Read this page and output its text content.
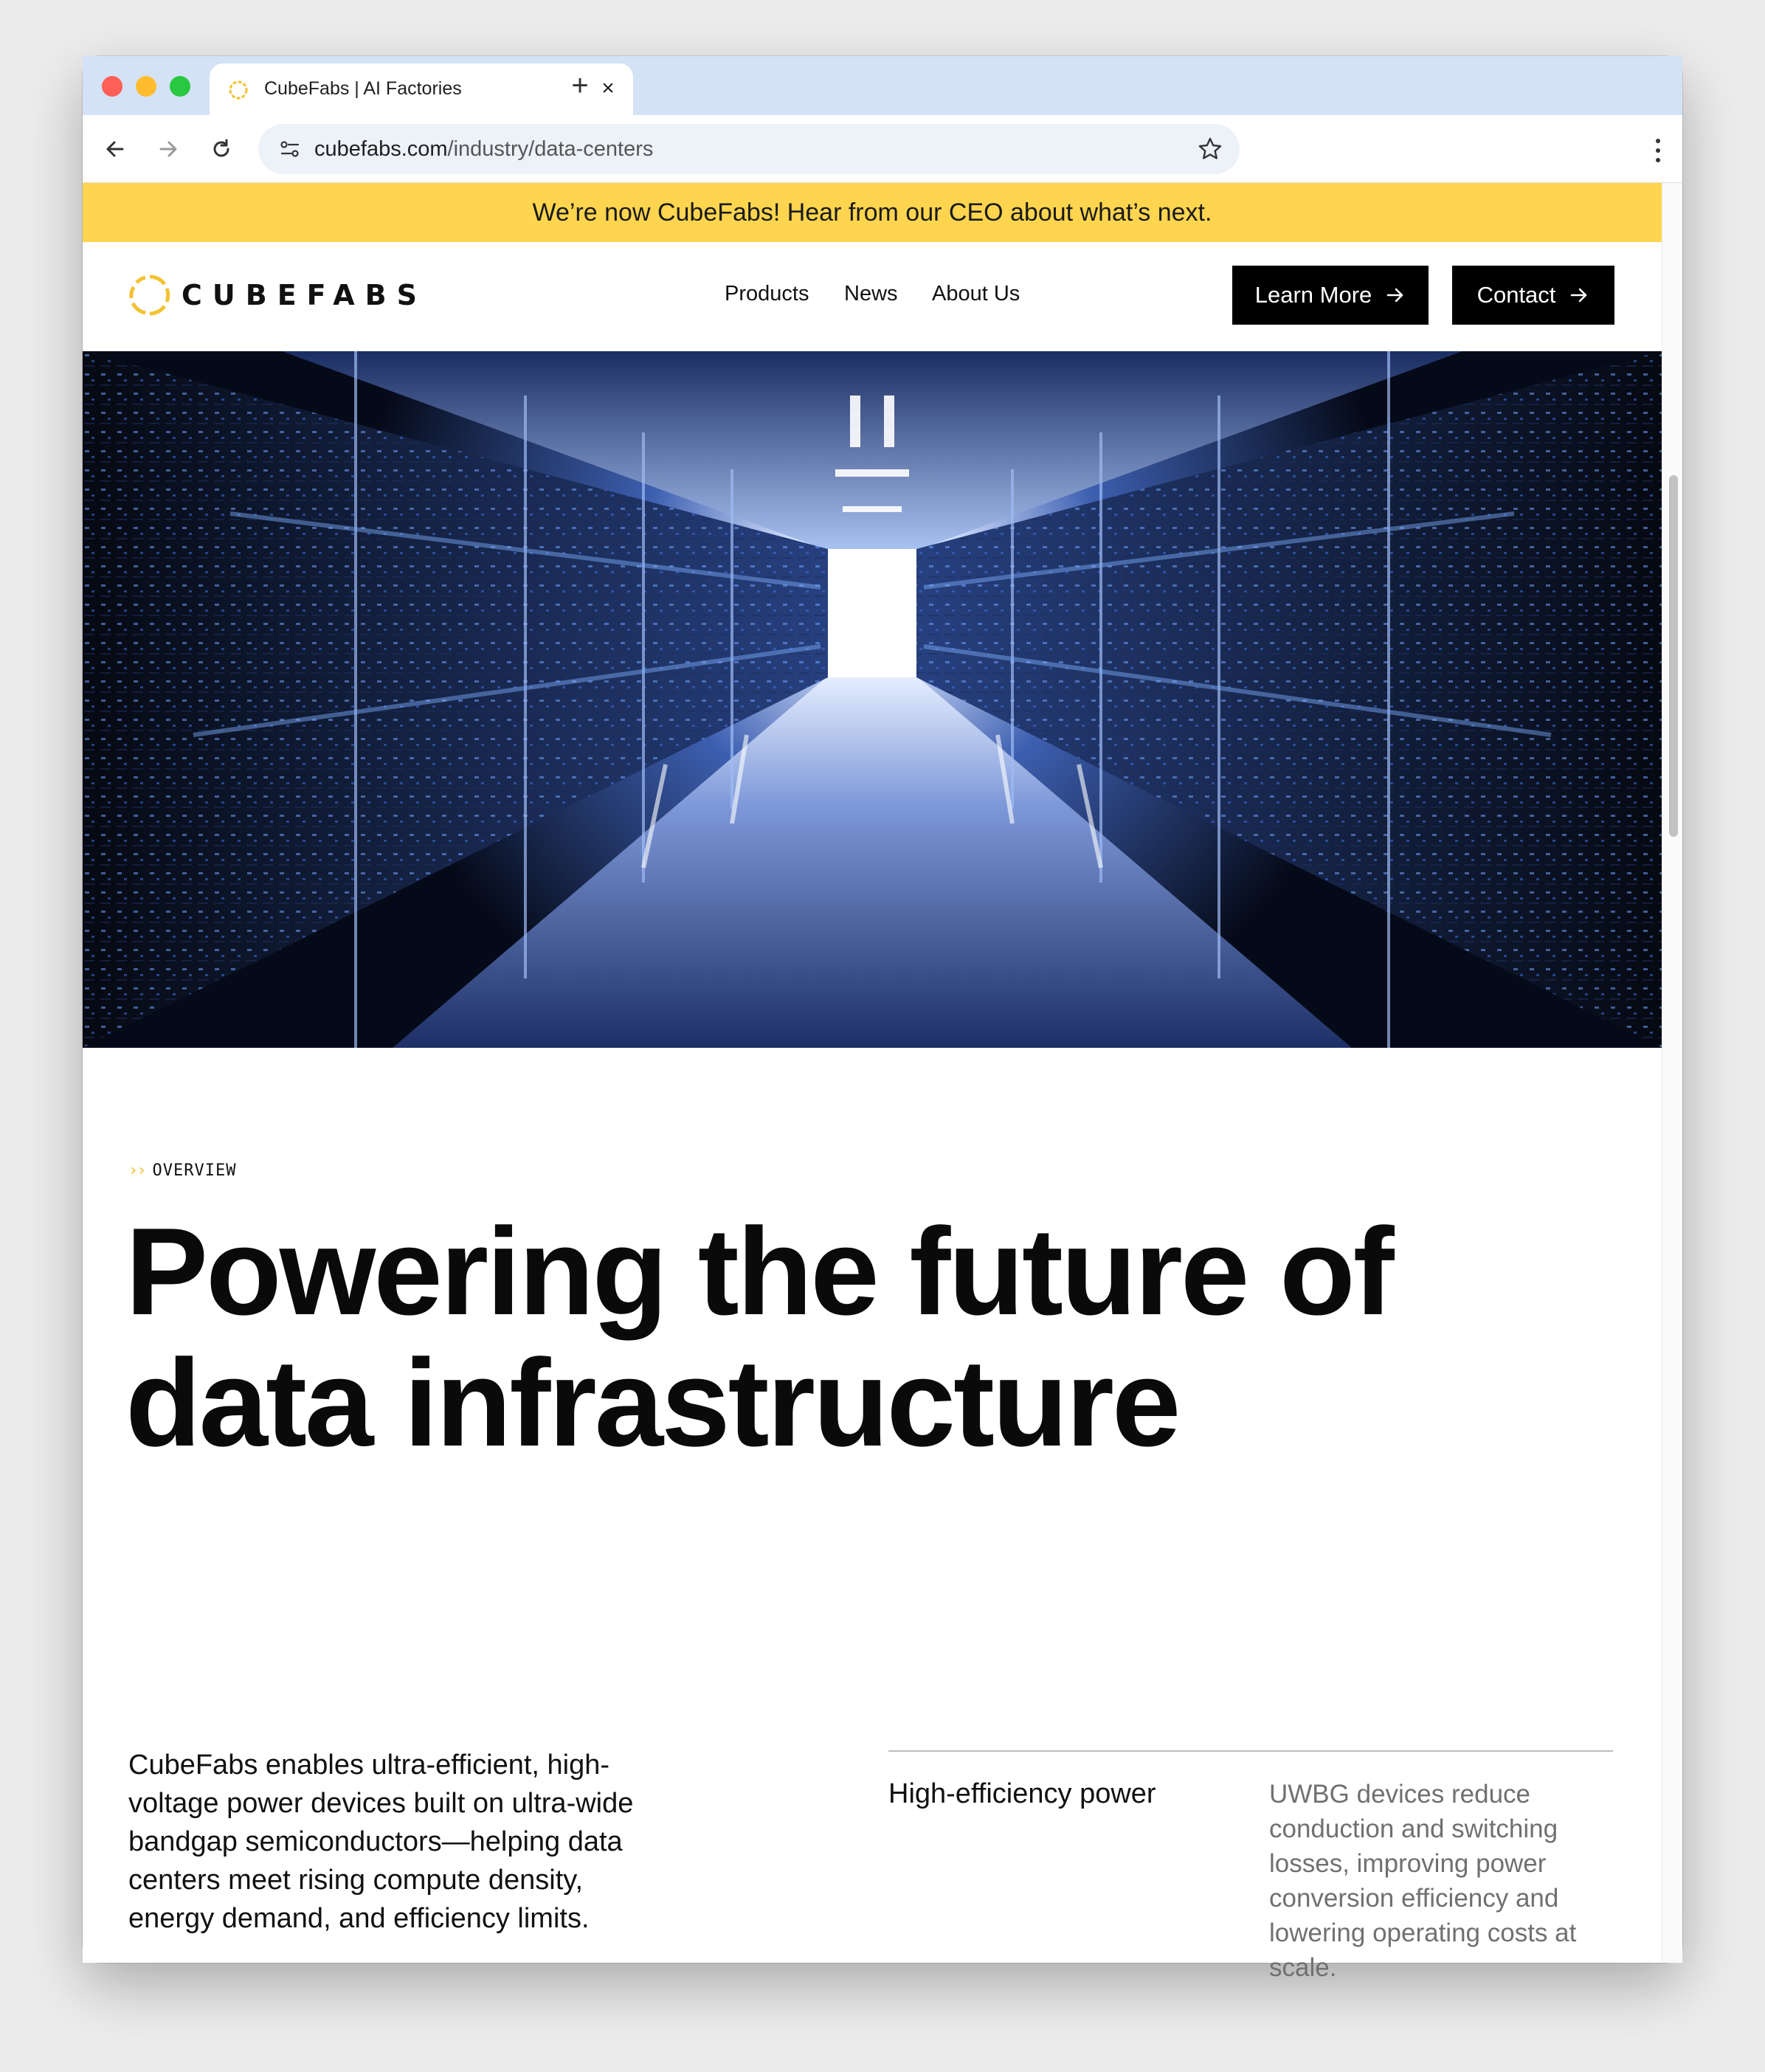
CubeFabs | AI Factories	×
+
cubefabs.com/industry/data-centers
We’re now CubeFabs! Hear from our CEO about what’s next.
CUBEFABS	Products News About Us	Learn More	Contact
›› OVERVIEW
Powering the future of
data infrastructure

CubeFabs enables ultra-efficient, high-voltage power devices built on ultra-wide bandgap semiconductors—helping data centers meet rising compute density, energy demand, and efficiency limits.

High-efficiency power	UWBG devices reduce conduction and switching losses, improving power conversion efficiency and lowering operating costs at scale.
